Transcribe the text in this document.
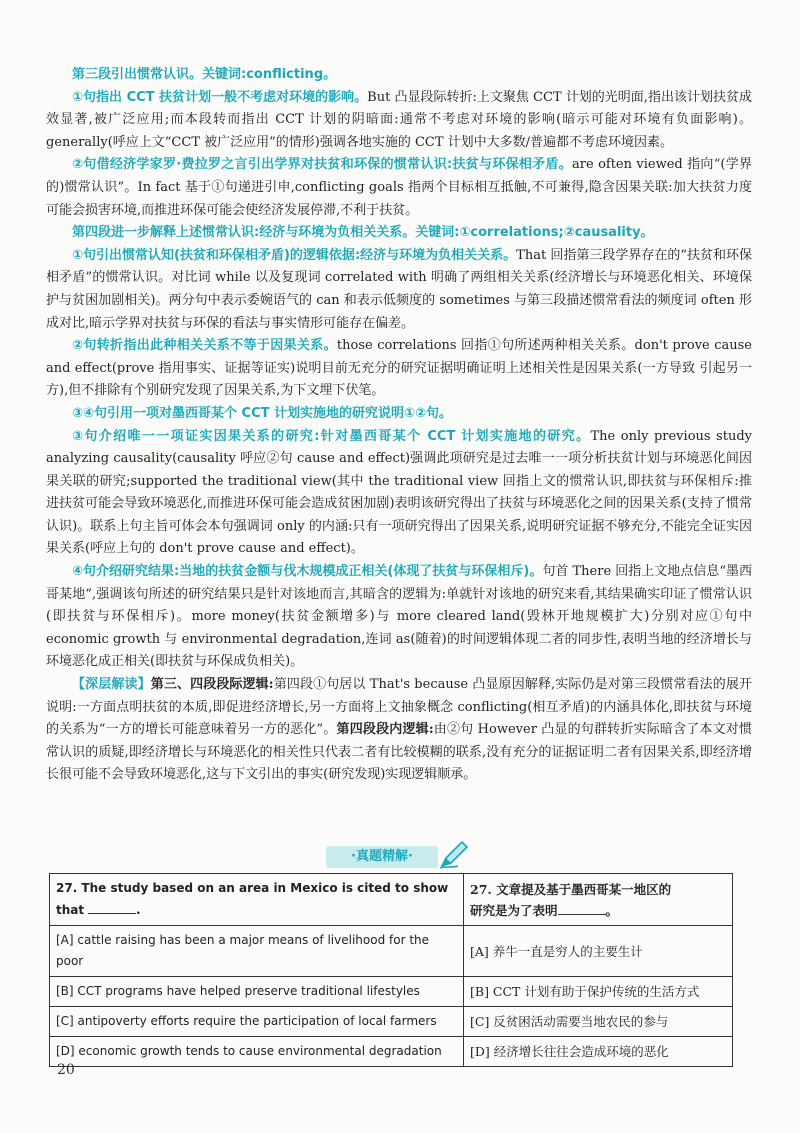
第三段引出惯常认识。关键词:conflicting。

①句指出 CCT 扶贫计划一般不考虑对环境的影响。But 凸显段际转折:上文聚焦 CCT 计划的光明面,指出该计划扶贫成效显著,被广泛应用;而本段转而指出 CCT 计划的阴暗面:通常不考虑对环境的影响(暗示可能对环境有负面影响)。generally(呼应上文“CCT 被广泛应用”的情形)强调各地实施的 CCT 计划中大多数/普遍都不考虑环境因素。

②句借经济学家罗·费拉罗之言引出学界对扶贫和环保的惯常认识:扶贫与环保相矛盾。are often viewed 指向“(学界的)惯常认识”。In fact 基于①句递进引申,conflicting goals 指两个目标相互抵触,不可兼得,隐含因果关联:加大扶贫力度可能会损害环境,而推进环保可能会使经济发展停滞,不利于扶贫。

第四段进一步解释上述惯常认识:经济与环境为负相关关系。关键词:①correlations;②causality。

①句引出惯常认知(扶贫和环保相矛盾)的逻辑依据:经济与环境为负相关关系。That 回指第三段学界存在的“扶贫和环保相矛盾”的惯常认识。对比词 while 以及复现词 correlated with 明确了两组相关关系(经济增长与环境恶化相关、环境保护与贫困加剧相关)。两分句中表示委婉语气的 can 和表示低频度的 sometimes 与第三段描述惯常看法的频度词 often 形成对比,暗示学界对扶贫与环保的看法与事实情形可能存在偏差。

②句转折指出此种相关关系不等于因果关系。those correlations 回指①句所述两种相关关系。don't prove cause and effect(prove 指用事实、证据等证实)说明目前无充分的研究证据明确证明上述相关性是因果关系(一方导致 引起另一方),但不排除有个别研究发现了因果关系,为下文埋下伏笔。

③④句引用一项对墨西哥某个 CCT 计划实施地的研究说明①②句。

③句介绍唯一一项证实因果关系的研究:针对墨西哥某个 CCT 计划实施地的研究。The only previous study analyzing causality(causality 呼应②句 cause and effect)强调此项研究是过去唯一一项分析扶贫计划与环境恶化间因果关联的研究;supported the traditional view(其中 the traditional view 回指上文的惯常认识,即扶贫与环保相斥:推进扶贫可能会导致环境恶化,而推进环保可能会造成贫困加剧)表明该研究得出了扶贫与环境恶化之间的因果关系(支持了惯常认识)。联系上句主旨可体会本句强调词 only 的内涵:只有一项研究得出了因果关系,说明研究证据不够充分,不能完全证实因果关系(呼应上句的 don't prove cause and effect)。

④句介绍研究结果:当地的扶贫金额与伐木规模成正相关(体现了扶贫与环保相斥)。句首 There 回指上文地点信息“墨西哥某地”,强调该句所述的研究结果只是针对该地而言,其暗含的逻辑为:单就针对该地的研究来看,其结果确实印证了惯常认识(即扶贫与环保相斥)。more money(扶贫金额增多)与 more cleared land(毁林开地规模扩大)分别对应①句中 economic growth 与 environmental degradation,连词 as(随着)的时间逻辑体现二者的同步性,表明当地的经济增长与环境恶化成正相关(即扶贫与环保成负相关)。

【深层解读】第三、四段段际逻辑:第四段①句居以 That's because 凸显原因解释,实际仍是对第三段惯常看法的展开说明:一方面点明扶贫的本质,即促进经济增长,另一方面将上文抽象概念 conflicting(相互矛盾)的内涵具体化,即扶贫与环境的关系为“一方的增长可能意味着另一方的恶化”。第四段段内逻辑:由②句 However 凸显的句群转折实际暗含了本文对惯常认识的质疑,即经济增长与环境恶化的相关性只代表二者有比较模糊的联系,没有充分的证据证明二者有因果关系,即经济增长很可能不会导致环境恶化,这与下文引出的事实(研究发现)实现逻辑顺承。

·真题精解·
27. The study based on an area in Mexico is cited to show that .	27. 文章提及基于墨西哥某一地区的
研究是为了表明 。
[A] cattle raising has been a major means of livelihood for the poor	[A] 养牛一直是穷人的主要生计
[B] CCT programs have helped preserve traditional lifestyles	[B] CCT 计划有助于保护传统的生活方式
[C] antipoverty efforts require the participation of local farmers	[C] 反贫困活动需要当地农民的参与
[D] economic growth tends to cause environmental degradation	[D] 经济增长往往会造成环境的恶化
20
